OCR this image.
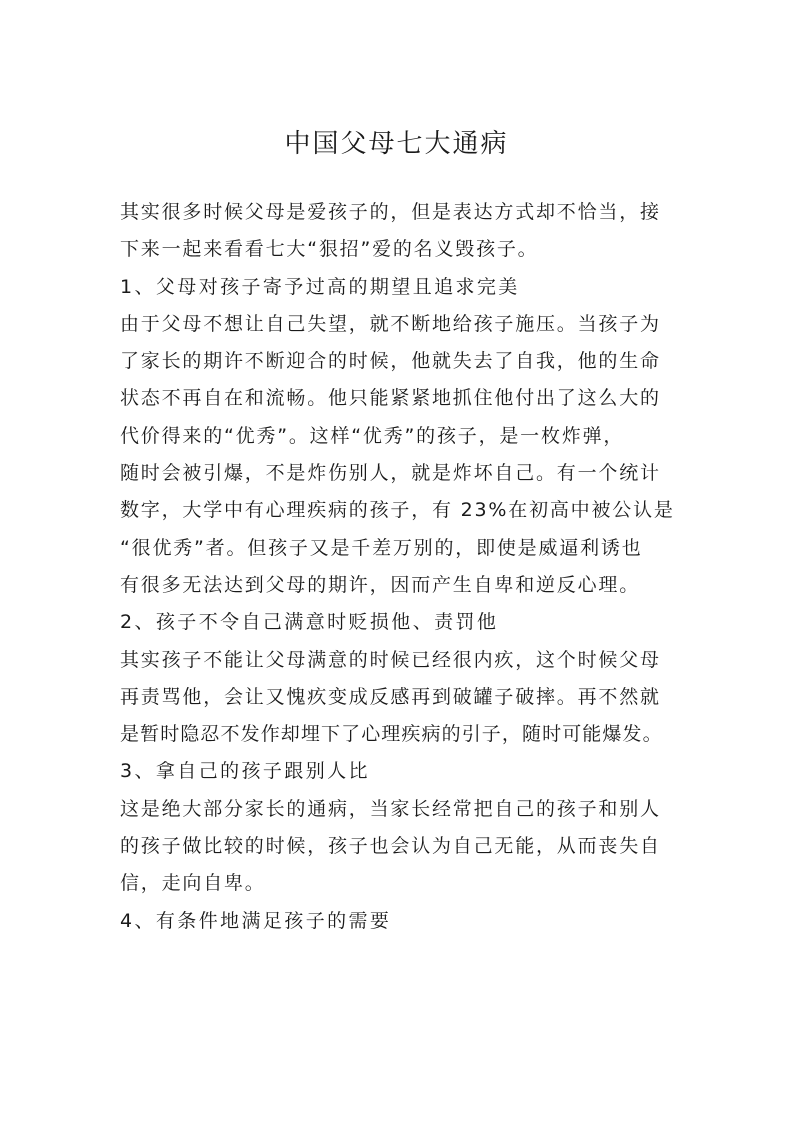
中国父母七大通病
其实很多时候父母是爱孩子的，但是表达方式却不恰当，接
下来一起来看看七大“狠招”爱的名义毁孩子。
1、父母对孩子寄予过高的期望且追求完美
由于父母不想让自己失望，就不断地给孩子施压。当孩子为
了家长的期许不断迎合的时候，他就失去了自我，他的生命
状态不再自在和流畅。他只能紧紧地抓住他付出了这么大的
代价得来的“优秀”。这样“优秀”的孩子，是一枚炸弹，
随时会被引爆，不是炸伤别人，就是炸坏自己。有一个统计
数字，大学中有心理疾病的孩子，有 23%在初高中被公认是
“很优秀”者。但孩子又是千差万别的，即使是威逼利诱也
有很多无法达到父母的期许，因而产生自卑和逆反心理。
2、孩子不令自己满意时贬损他、责罚他
其实孩子不能让父母满意的时候已经很内疚，这个时候父母
再责骂他，会让又愧疚变成反感再到破罐子破摔。再不然就
是暂时隐忍不发作却埋下了心理疾病的引子，随时可能爆发。
3、拿自己的孩子跟别人比
这是绝大部分家长的通病，当家长经常把自己的孩子和别人
的孩子做比较的时候，孩子也会认为自己无能，从而丧失自
信，走向自卑。
4、有条件地满足孩子的需要
